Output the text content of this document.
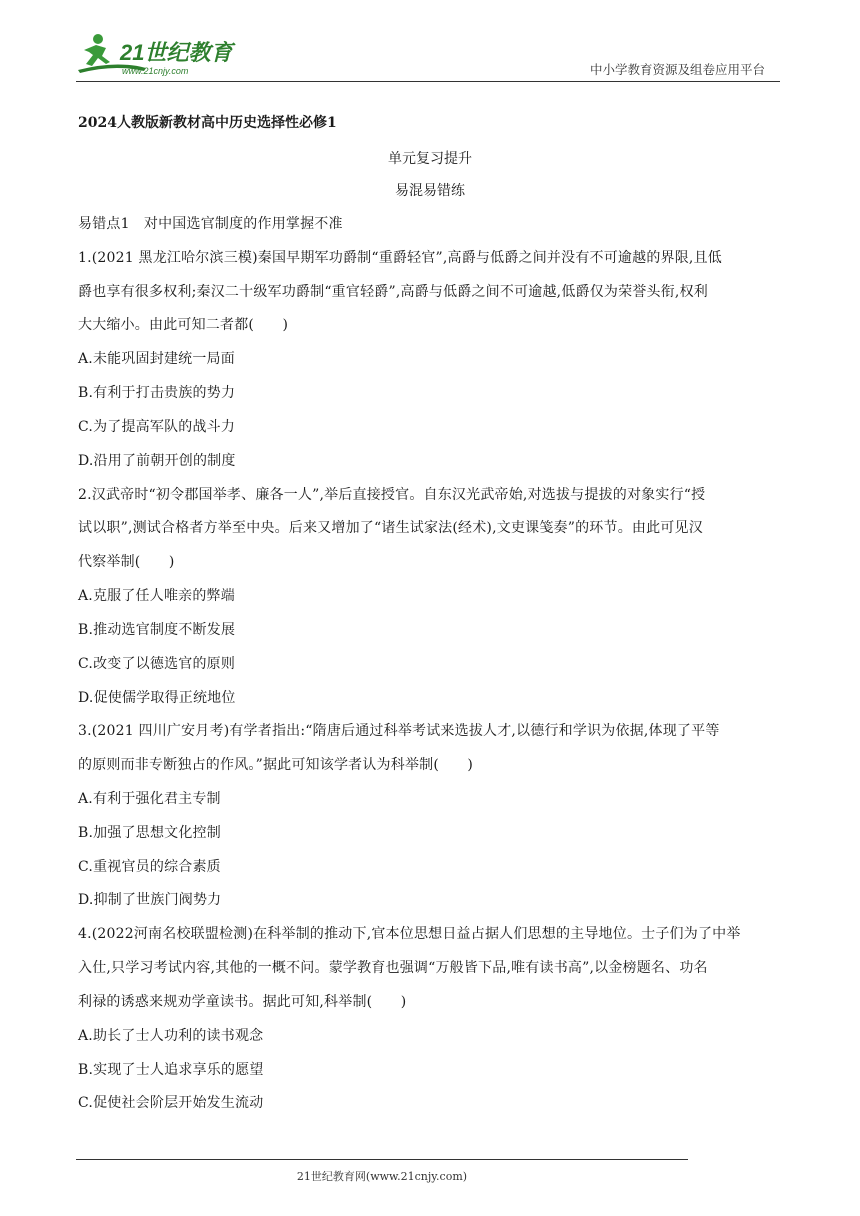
21世纪教育
www.21cnjy.com	中小学教育资源及组卷应用平台
2024人教版新教材高中历史选择性必修1
单元复习提升
易混易错练
易错点1　对中国选官制度的作用掌握不准
1.(2021 黑龙江哈尔滨三模)秦国早期军功爵制“重爵轻官”,高爵与低爵之间并没有不可逾越的界限,且低
爵也享有很多权利;秦汉二十级军功爵制“重官轻爵”,高爵与低爵之间不可逾越,低爵仅为荣誉头衔,权利
大大缩小。由此可知二者都(　　)
A.未能巩固封建统一局面
B.有利于打击贵族的势力
C.为了提高军队的战斗力
D.沿用了前朝开创的制度
2.汉武帝时“初令郡国举孝、廉各一人”,举后直接授官。自东汉光武帝始,对选拔与提拔的对象实行“授
试以职”,测试合格者方举至中央。后来又增加了“诸生试家法(经术),文吏课笺奏”的环节。由此可见汉
代察举制(　　)
A.克服了任人唯亲的弊端
B.推动选官制度不断发展
C.改变了以德选官的原则
D.促使儒学取得正统地位
3.(2021 四川广安月考)有学者指出:“隋唐后通过科举考试来选拔人才,以德行和学识为依据,体现了平等
的原则而非专断独占的作风。”据此可知该学者认为科举制(　　)
A.有利于强化君主专制
B.加强了思想文化控制
C.重视官员的综合素质
D.抑制了世族门阀势力
4.(2022河南名校联盟检测)在科举制的推动下,官本位思想日益占据人们思想的主导地位。士子们为了中举
入仕,只学习考试内容,其他的一概不问。蒙学教育也强调“万般皆下品,唯有读书高”,以金榜题名、功名
利禄的诱惑来规劝学童读书。据此可知,科举制(　　)
A.助长了士人功利的读书观念
B.实现了士人追求享乐的愿望
C.促使社会阶层开始发生流动
21世纪教育网(www.21cnjy.com)
